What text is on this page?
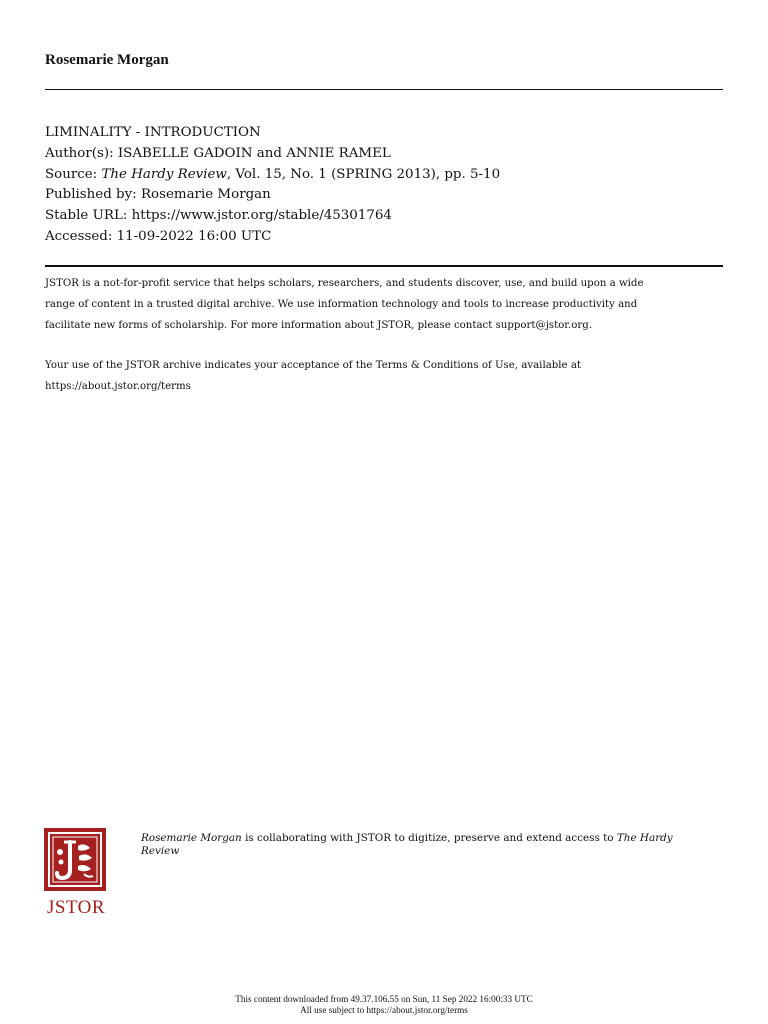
Rosemarie Morgan
LIMINALITY - INTRODUCTION
Author(s): ISABELLE GADOIN and ANNIE RAMEL
Source: The Hardy Review, Vol. 15, No. 1 (SPRING 2013), pp. 5-10
Published by: Rosemarie Morgan
Stable URL: https://www.jstor.org/stable/45301764
Accessed: 11-09-2022 16:00 UTC
JSTOR is a not-for-profit service that helps scholars, researchers, and students discover, use, and build upon a wide
range of content in a trusted digital archive. We use information technology and tools to increase productivity and
facilitate new forms of scholarship. For more information about JSTOR, please contact support@jstor.org.
Your use of the JSTOR archive indicates your acceptance of the Terms & Conditions of Use, available at
https://about.jstor.org/terms
JSTOR
Rosemarie Morgan is collaborating with JSTOR to digitize, preserve and extend access to The Hardy Review
This content downloaded from 49.37.106.55 on Sun, 11 Sep 2022 16:00:33 UTC
All use subject to https://about.jstor.org/terms
